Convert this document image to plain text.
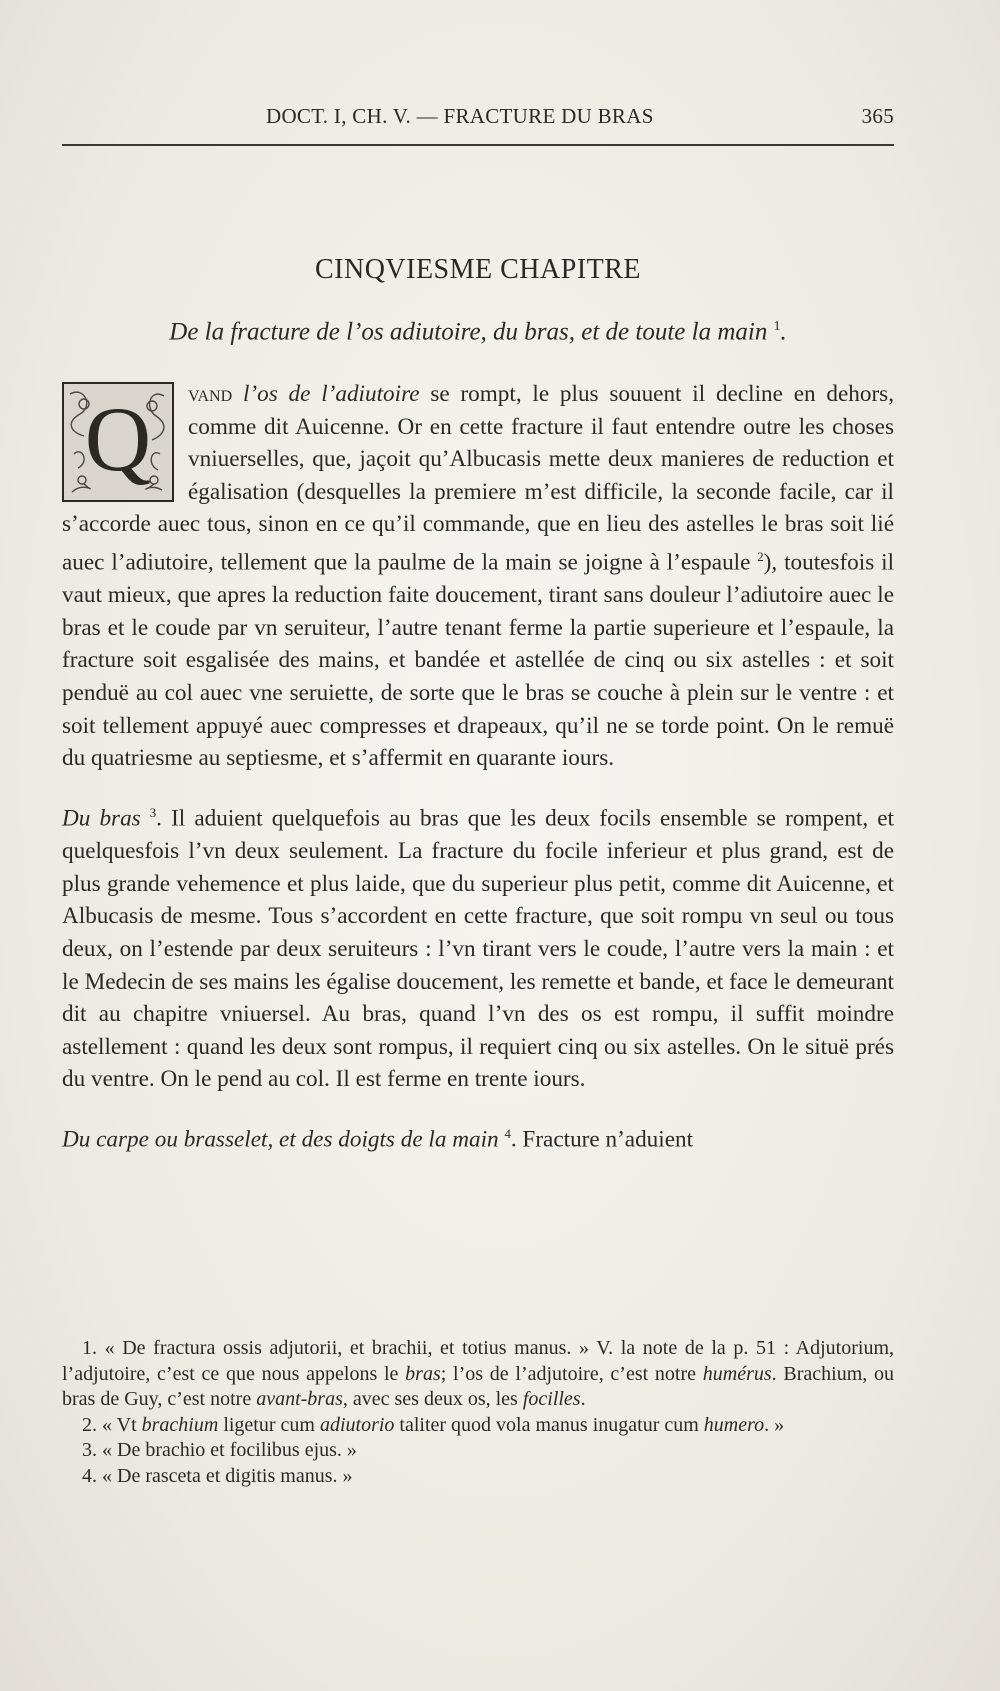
DOCT. I, CH. V. — FRACTURE DU BRAS	365
CINQVIESME CHAPITRE
De la fracture de l’os adiutoire, du bras, et de toute la main $^1$.

Q vand l’os de l’adiutoire se rompt, le plus souuent il decline en dehors, comme dit Auicenne. Or en cette fracture il faut entendre outre les choses vniuerselles, que, jaçoit qu’Albucasis mette deux manieres de reduction et égalisation (desquelles la premiere m’est difficile, la seconde facile, car il s’accorde auec tous, sinon en ce qu’il commande, que en lieu des astelles le bras soit lié auec l’adiutoire, tellement que la paulme de la main se joigne à l’espaule $^2$), toutesfois il vaut mieux, que apres la reduction faite doucement, tirant sans douleur l’adiutoire auec le bras et le coude par vn seruiteur, l’autre tenant ferme la partie superieure et l’espaule, la fracture soit esgalisée des mains, et bandée et astellée de cinq ou six astelles : et soit penduë au col auec vne seruiette, de sorte que le bras se couche à plein sur le ventre : et soit tellement appuyé auec compresses et drapeaux, qu’il ne se torde point. On le remuë du quatriesme au septiesme, et s’affermit en quarante iours.

Du bras $^3$. Il aduient quelquefois au bras que les deux focils ensemble se rompent, et quelquesfois l’vn deux seulement. La fracture du focile inferieur et plus grand, est de plus grande vehemence et plus laide, que du superieur plus petit, comme dit Auicenne, et Albucasis de mesme. Tous s’accordent en cette fracture, que soit rompu vn seul ou tous deux, on l’estende par deux seruiteurs : l’vn tirant vers le coude, l’autre vers la main : et le Medecin de ses mains les égalise doucement, les remette et bande, et face le demeurant dit au chapitre vniuersel. Au bras, quand l’vn des os est rompu, il suffit moindre astellement : quand les deux sont rompus, il requiert cinq ou six astelles. On le situë prés du ventre. On le pend au col. Il est ferme en trente iours.

Du carpe ou brasselet, et des doigts de la main $^4$. Fracture n’aduient

1. « De fractura ossis adjutorii, et brachii, et totius manus. » V. la note de la p. 51 : Adjutorium, l’adjutoire, c’est ce que nous appelons le bras; l’os de l’adjutoire, c’est notre humérus. Brachium, ou bras de Guy, c’est notre avant-bras, avec ses deux os, les focilles.

2. « Vt brachium ligetur cum adiutorio taliter quod vola manus inugatur cum humero. »

3. « De brachio et focilibus ejus. »

4. « De rasceta et digitis manus. »
